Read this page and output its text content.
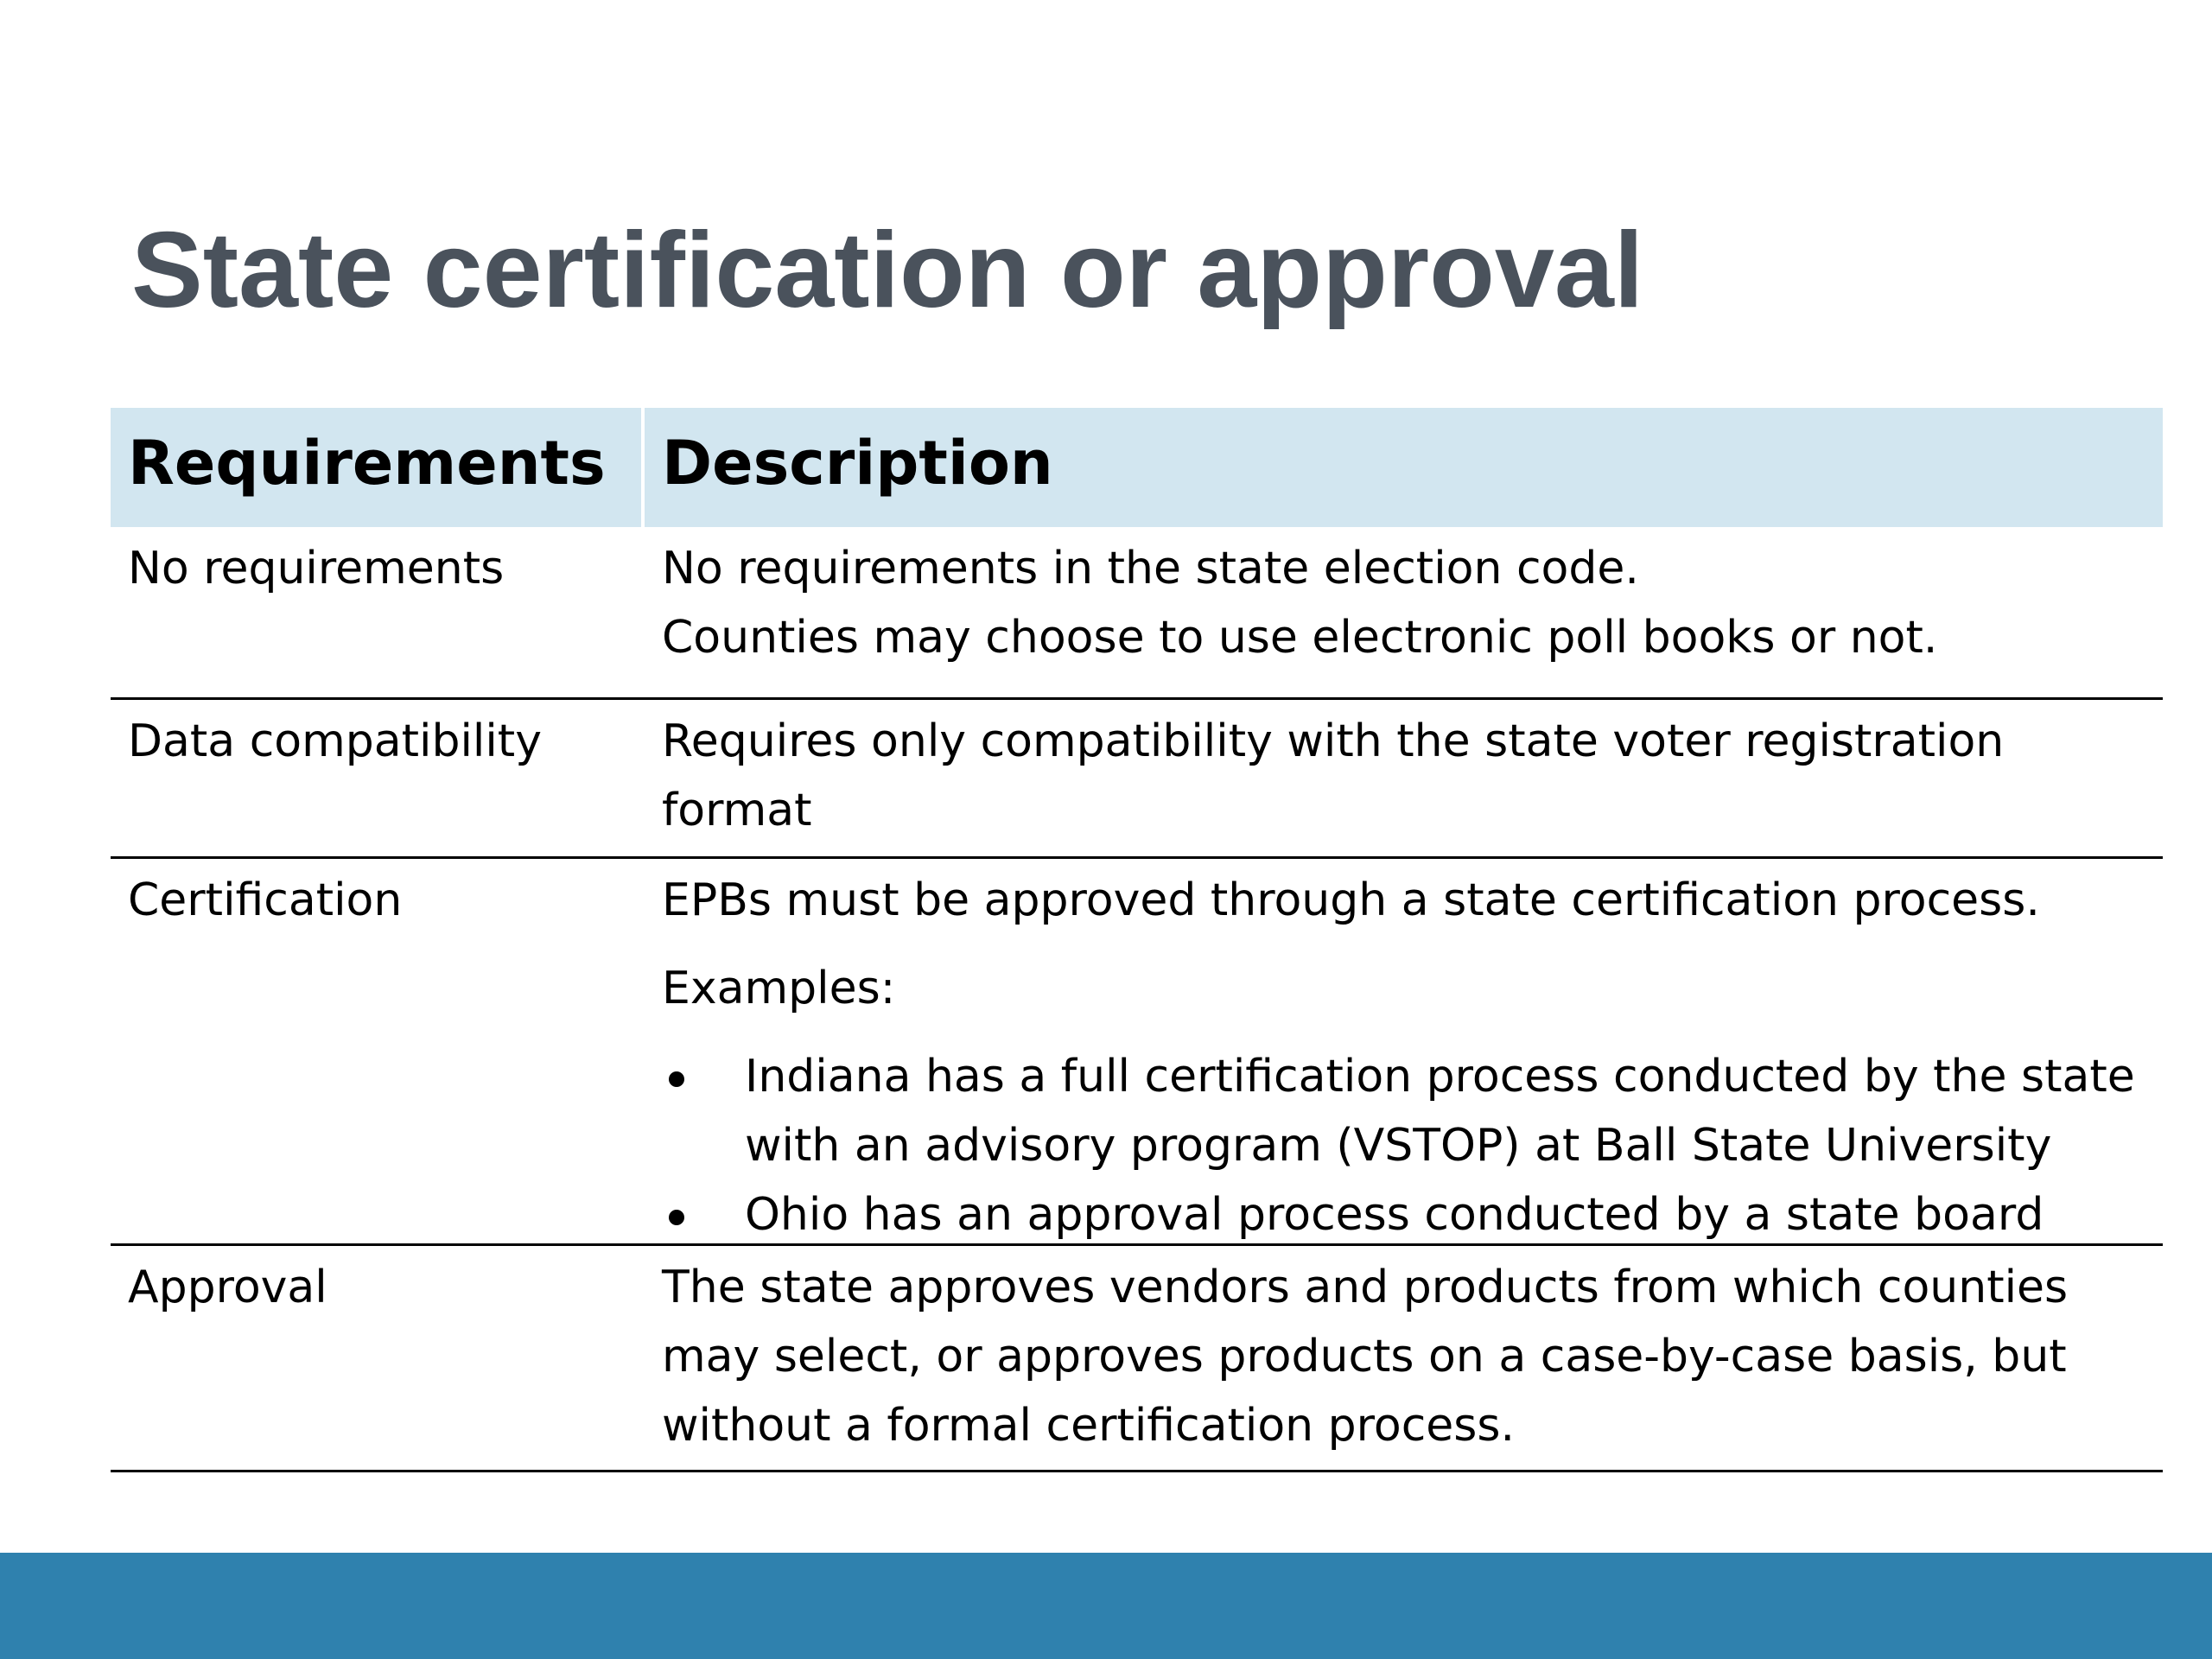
State certification or approval
Requirements Description
No requirements	No requirements in the state election code.

Counties may choose to use electronic poll books or not.

Data compatibility	Requires only compatibility with the state voter registration

format

Certification	EPBs must be approved through a state certification process.

Examples:

Indiana has a full certification process conducted by the state
with an advisory program (VSTOP) at Ball State University
Ohio has an approval process conducted by a state board
Approval	The state approves vendors and products from which counties

may select, or approves products on a case-by-case basis, but

without a formal certification process.
